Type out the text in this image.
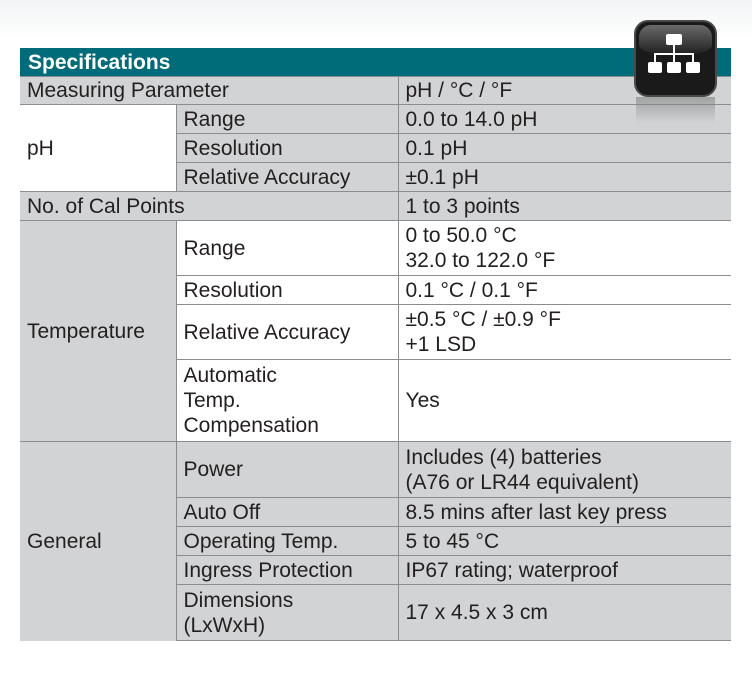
Specifications		
Measuring Parameter		pH / °C / °F
pH	Range	0.0 to 14.0 pH
	Resolution	0.1 pH
	Relative Accuracy	±0.1 pH
No. of Cal Points		1 to 3 points
Temperature	Range	0 to 50.0 °C
32.0 to 122.0 °F

	Resolution	0.1 °C / 0.1 °F
	Relative Accuracy	±0.5 °C / ±0.9 °F
+1 LSD

	Automatic
Temp.
Compensation	Yes
General	Power	Includes (4) batteries
(A76 or LR44 equivalent)

	Auto Off	8.5 mins after last key press
	Operating Temp.	5 to 45 °C
	Ingress Protection	IP67 rating; waterproof

	Dimensions
(LxWxH)	17 x 4.5 x 3 cm
